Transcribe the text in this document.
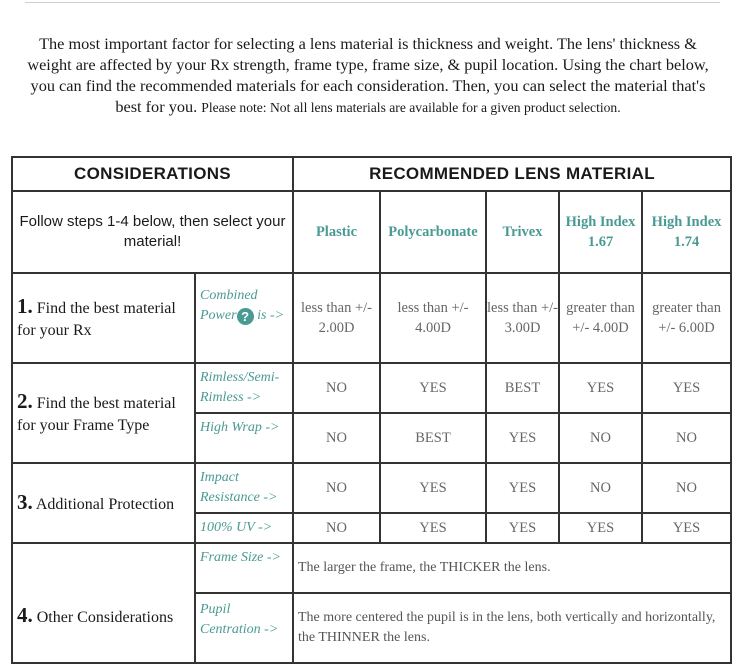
The most important factor for selecting a lens material is thickness and weight. The lens' thickness & weight are affected by your Rx strength, frame type, frame size, & pupil location. Using the chart below, you can find the recommended materials for each consideration. Then, you can select the material that's best for you. Please note: Not all lens materials are available for a given product selection.
CONSIDERATIONS		RECOMMENDED LENS MATERIAL				
Follow steps 1-4 below, then select your material!		Plastic	Polycarbonate	Trivex	High Index 1.67	High Index 1.74
1. Find the best material for your Rx	Combined Power ? is ->	less than +/- 2.00D	less than +/- 4.00D	less than +/- 3.00D	greater than +/- 4.00D	greater than +/- 6.00D
2. Find the best material for your Frame Type	Rimless/Semi-Rimless ->	NO	YES	BEST	YES	YES
	High Wrap ->	NO	BEST	YES	NO	NO
3. Additional Protection	Impact Resistance ->	NO	YES	YES	NO	NO
	100% UV ->	NO	YES	YES	YES	YES
4. Other Considerations	Frame Size ->	The larger the frame, the THICKER the lens.				
	Pupil Centration ->	The more centered the pupil is in the lens, both vertically and horizontally, the THINNER the lens.				
